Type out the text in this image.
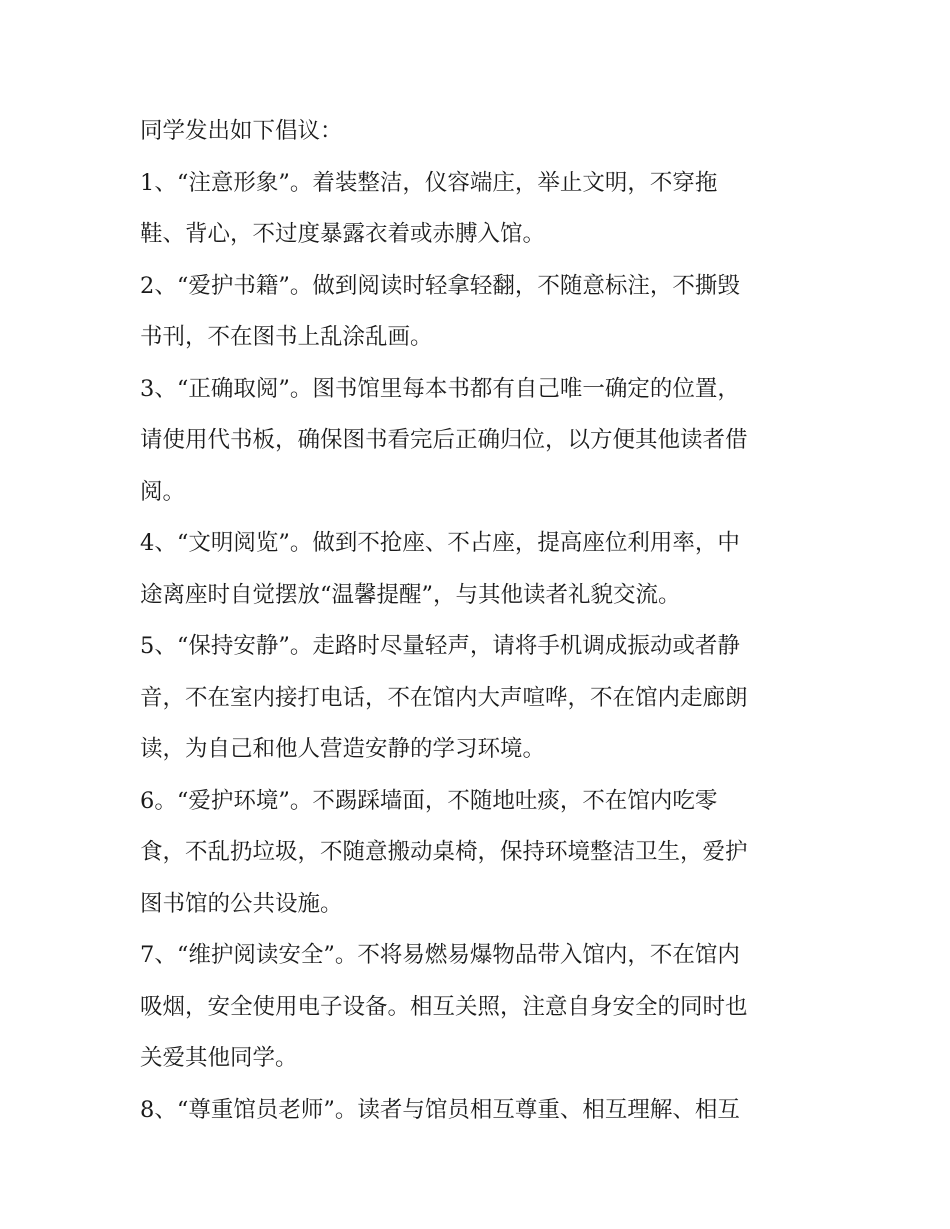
同学发出如下倡议：
1、“注意形象”。着装整洁，仪容端庄，举止文明，不穿拖
鞋、背心，不过度暴露衣着或赤膊入馆。
2、“爱护书籍”。做到阅读时轻拿轻翻，不随意标注，不撕毁
书刊，不在图书上乱涂乱画。
3、“正确取阅”。图书馆里每本书都有自己唯一确定的位置，
请使用代书板，确保图书看完后正确归位，以方便其他读者借
阅。
4、“文明阅览”。做到不抢座、不占座，提高座位利用率，中
途离座时自觉摆放“温馨提醒”，与其他读者礼貌交流。
5、“保持安静”。走路时尽量轻声，请将手机调成振动或者静
音，不在室内接打电话，不在馆内大声喧哗，不在馆内走廊朗
读，为自己和他人营造安静的学习环境。
6。“爱护环境”。不踢踩墙面，不随地吐痰，不在馆内吃零
食，不乱扔垃圾，不随意搬动桌椅，保持环境整洁卫生，爱护
图书馆的公共设施。
7、“维护阅读安全”。不将易燃易爆物品带入馆内，不在馆内
吸烟，安全使用电子设备。相互关照，注意自身安全的同时也
关爱其他同学。
8、“尊重馆员老师”。读者与馆员相互尊重、相互理解、相互
